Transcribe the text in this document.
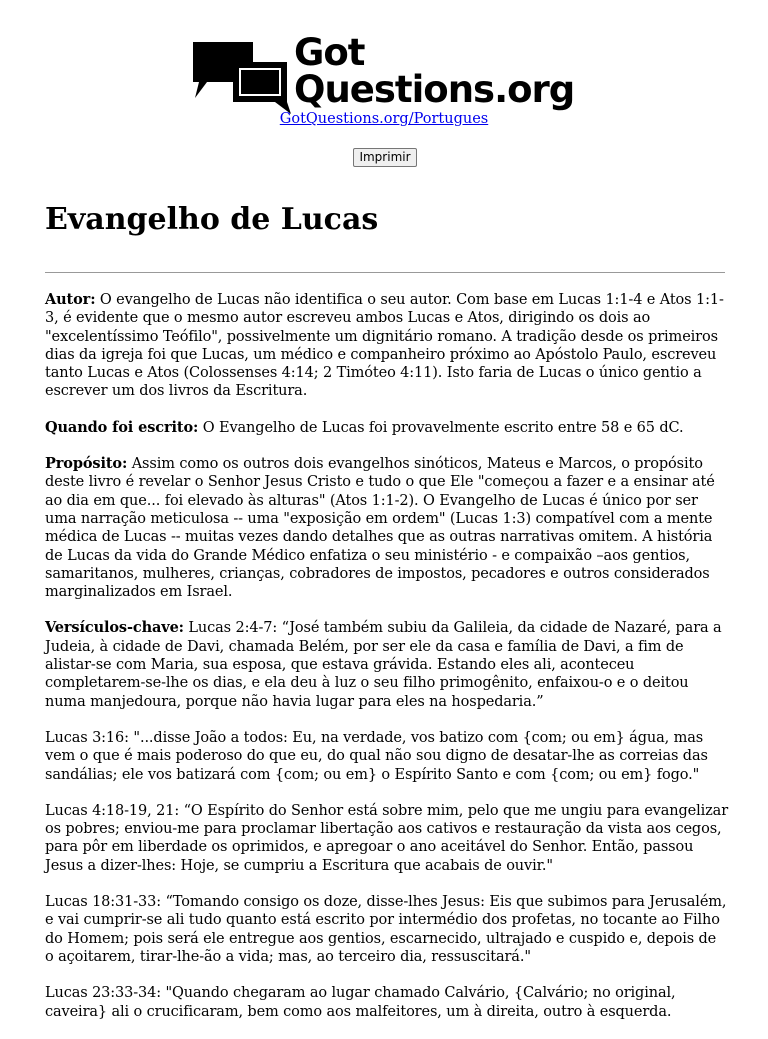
Got
Questions.org
GotQuestions.org/Portugues
Imprimir
Evangelho de Lucas

Autor: O evangelho de Lucas não identifica o seu autor. Com base em Lucas 1:1-4 e Atos 1:1-3, é evidente que o mesmo autor escreveu ambos Lucas e Atos, dirigindo os dois ao "excelentíssimo Teófilo", possivelmente um dignitário romano. A tradição desde os primeiros dias da igreja foi que Lucas, um médico e companheiro próximo ao Apóstolo Paulo, escreveu tanto Lucas e Atos (Colossenses 4:14; 2 Timóteo 4:11). Isto faria de Lucas o único gentio a escrever um dos livros da Escritura.

Quando foi escrito: O Evangelho de Lucas foi provavelmente escrito entre 58 e 65 dC.

Propósito: Assim como os outros dois evangelhos sinóticos, Mateus e Marcos, o propósito deste livro é revelar o Senhor Jesus Cristo e tudo o que Ele "começou a fazer e a ensinar até ao dia em que... foi elevado às alturas" (Atos 1:1-2). O Evangelho de Lucas é único por ser uma narração meticulosa -- uma "exposição em ordem" (Lucas 1:3) compatível com a mente médica de Lucas -- muitas vezes dando detalhes que as outras narrativas omitem. A história de Lucas da vida do Grande Médico enfatiza o seu ministério - e compaixão –aos gentios, samaritanos, mulheres, crianças, cobradores de impostos, pecadores e outros considerados marginalizados em Israel.

Versículos-chave: Lucas 2:4-7: “José também subiu da Galileia, da cidade de Nazaré, para a Judeia, à cidade de Davi, chamada Belém, por ser ele da casa e família de Davi, a fim de alistar-se com Maria, sua esposa, que estava grávida. Estando eles ali, aconteceu completarem-se-lhe os dias, e ela deu à luz o seu filho primogênito, enfaixou-o e o deitou numa manjedoura, porque não havia lugar para eles na hospedaria.”

Lucas 3:16: "...disse João a todos: Eu, na verdade, vos batizo com {com; ou em} água, mas vem o que é mais poderoso do que eu, do qual não sou digno de desatar-lhe as correias das sandálias; ele vos batizará com {com; ou em} o Espírito Santo e com {com; ou em} fogo."

Lucas 4:18-19, 21: “O Espírito do Senhor está sobre mim, pelo que me ungiu para evangelizar os pobres; enviou-me para proclamar libertação aos cativos e restauração da vista aos cegos, para pôr em liberdade os oprimidos, e apregoar o ano aceitável do Senhor. Então, passou Jesus a dizer-lhes: Hoje, se cumpriu a Escritura que acabais de ouvir."

Lucas 18:31-33: “Tomando consigo os doze, disse-lhes Jesus: Eis que subimos para Jerusalém, e vai cumprir-se ali tudo quanto está escrito por intermédio dos profetas, no tocante ao Filho do Homem; pois será ele entregue aos gentios, escarnecido, ultrajado e cuspido e, depois de o açoitarem, tirar-lhe-ão a vida; mas, ao terceiro dia, ressuscitará."

Lucas 23:33-34: "Quando chegaram ao lugar chamado Calvário, {Calvário; no original, caveira} ali o crucificaram, bem como aos malfeitores, um à direita, outro à esquerda.
